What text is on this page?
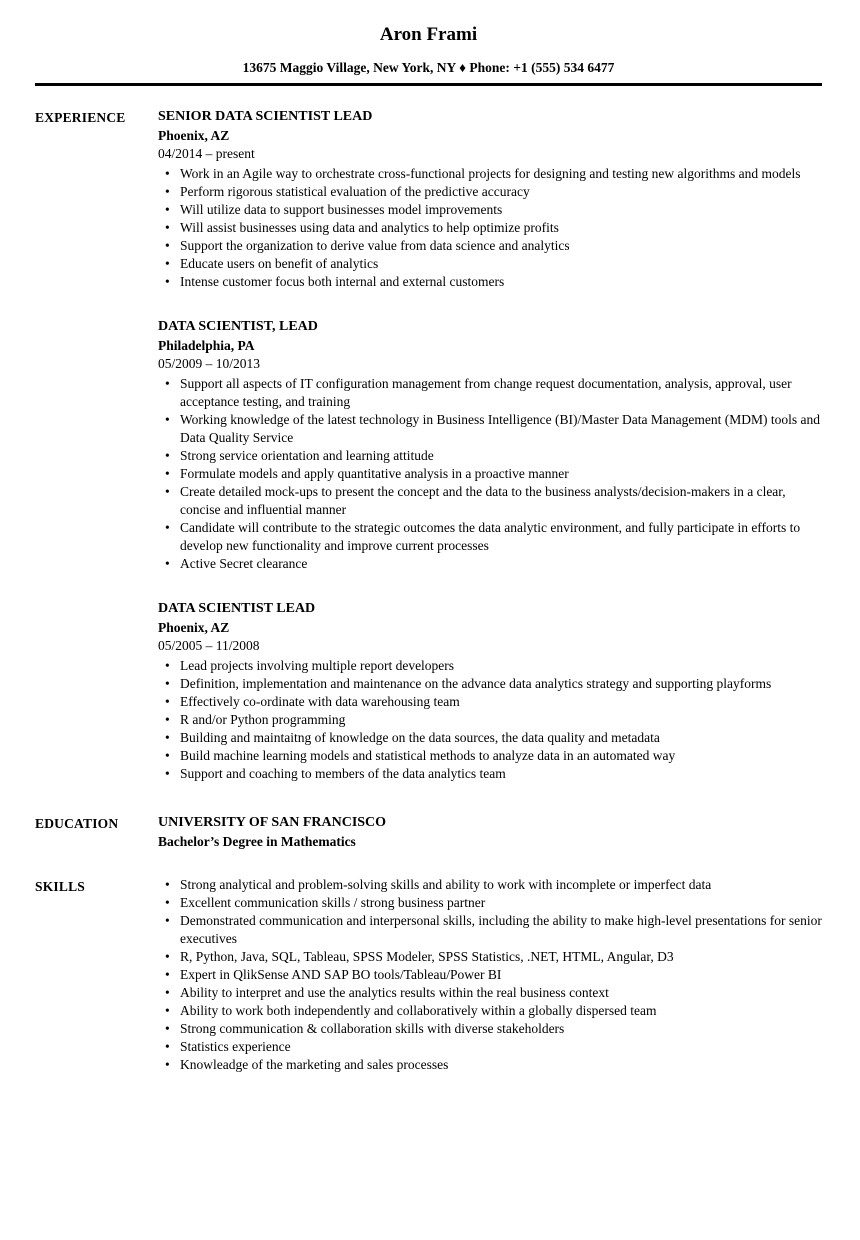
Aron Frami
13675 Maggio Village, New York, NY ♦ Phone: +1 (555) 534 6477
EXPERIENCE	SENIOR DATA SCIENTIST LEAD
Phoenix, AZ
04/2014 – present
• Work in an Agile way to orchestrate cross-functional projects for designing and testing new algorithms and models
• Perform rigorous statistical evaluation of the predictive accuracy
• Will utilize data to support businesses model improvements
• Will assist businesses using data and analytics to help optimize profits
• Support the organization to derive value from data science and analytics
• Educate users on benefit of analytics
• Intense customer focus both internal and external customers
DATA SCIENTIST, LEAD
Philadelphia, PA
05/2009 – 10/2013
• Support all aspects of IT configuration management from change request documentation, analysis, approval, user acceptance testing, and training
• Working knowledge of the latest technology in Business Intelligence (BI)/Master Data Management (MDM) tools and Data Quality Service
• Strong service orientation and learning attitude
• Formulate models and apply quantitative analysis in a proactive manner
• Create detailed mock-ups to present the concept and the data to the business analysts/decision-makers in a clear, concise and influential manner
• Candidate will contribute to the strategic outcomes the data analytic environment, and fully participate in efforts to develop new functionality and improve current processes
• Active Secret clearance
DATA SCIENTIST LEAD
Phoenix, AZ
05/2005 – 11/2008
• Lead projects involving multiple report developers
• Definition, implementation and maintenance on the advance data analytics strategy and supporting playforms
• Effectively co-ordinate with data warehousing team
• R and/or Python programming
• Building and maintaitng of knowledge on the data sources, the data quality and metadata
• Build machine learning models and statistical methods to analyze data in an automated way
• Support and coaching to members of the data analytics team
EDUCATION	UNIVERSITY OF SAN FRANCISCO
Bachelor’s Degree in Mathematics
SKILLS	• Strong analytical and problem-solving skills and ability to work with incomplete or imperfect data
• Excellent communication skills / strong business partner
• Demonstrated communication and interpersonal skills, including the ability to make high-level presentations for senior executives
• R, Python, Java, SQL, Tableau, SPSS Modeler, SPSS Statistics, .NET, HTML, Angular, D3
• Expert in QlikSense AND SAP BO tools/Tableau/Power BI
• Ability to interpret and use the analytics results within the real business context
• Ability to work both independently and collaboratively within a globally dispersed team
• Strong communication & collaboration skills with diverse stakeholders
• Statistics experience
• Knowleadge of the marketing and sales processes
